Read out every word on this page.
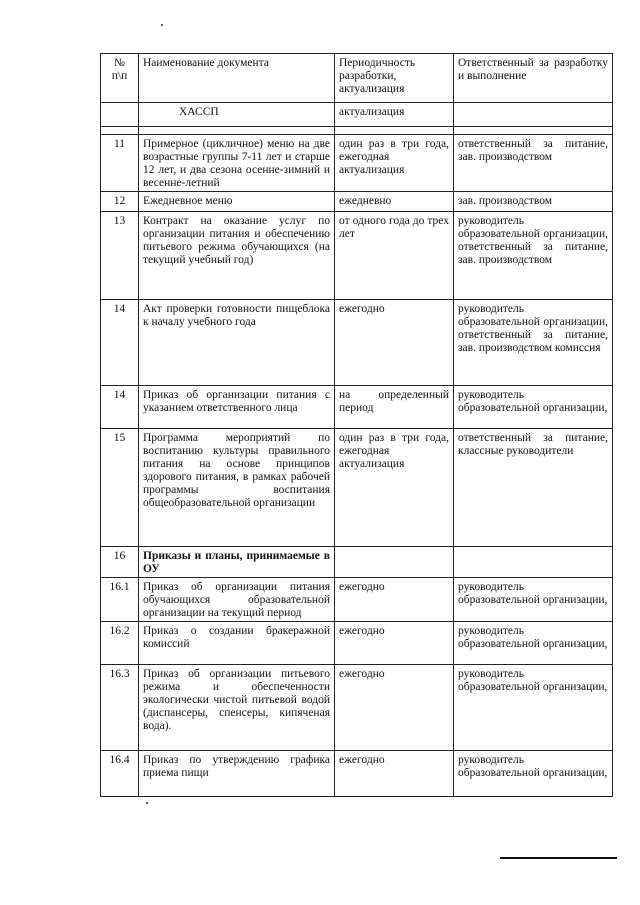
№ п\п	Наименование документа	Периодичность разработки, актуализация	Ответственный за разработку и выполнение
	ХАССП	актуализация	

11	Примерное (цикличное) меню на две возрастные группы 7-11 лет и старше 12 лет, и два сезона осенне-зимний и весенне-летний	один раз в три года, ежегодная актуализация	ответственный за питание, зав. производством
12	Ежедневное меню	ежедневно	зав. производством
13	Контракт на оказание услуг по организации питания и обеспечению питьевого режима обучающихся (на текущий учебный год)	от одного года до трех лет	руководитель образовательной организации, ответственный за питание, зав. производством
14	Акт проверки готовности пищеблока к началу учебного года	ежегодно	руководитель образовательной организации, ответственный за питание, зав. производством комиссия
14	Приказ об организации питания с указанием ответственного лица	на определенный период	руководитель образовательной организации,
15	Программа мероприятий по воспитанию культуры правильного питания на основе принципов здорового питания, в рамках рабочей программы воспитания общеобразовательной организации	один раз в три года, ежегодная актуализация	ответственный за питание, классные руководители
16	Приказы и планы, принимаемые в ОУ		
16.1	Приказ об организации питания обучающихся образовательной организации на текущий период	ежегодно	руководитель образовательной организации,
16.2	Приказ о создании бракеражной комиссий	ежегодно	руководитель образовательной организации,
16.3	Приказ об организации питьевого режима и обеспеченности экологически чистой питьевой водой (диспансеры, спенсеры, кипяченая вода).	ежегодно	руководитель образовательной организации,
16.4	Приказ по утверждению графика приема пищи	ежегодно	руководитель образовательной организации,
